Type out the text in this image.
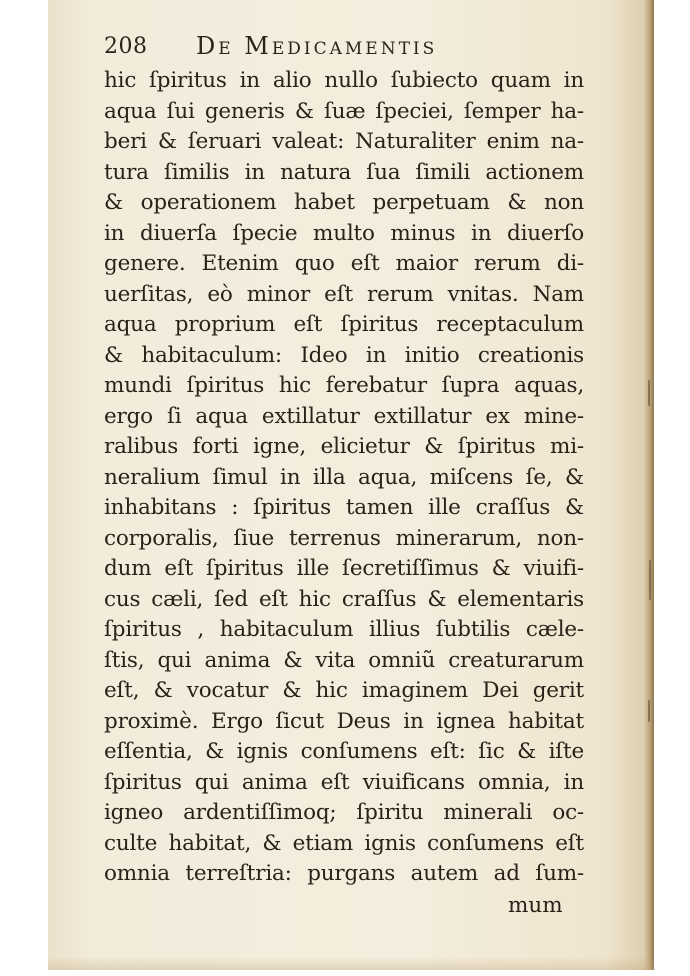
208 De Medicamentis
hic ſpiritus in alio nullo ſubiecto quam in
aqua ſui generis & ſuæ ſpeciei, ſemper ha-
beri & ſeruari valeat: Naturaliter enim na-
tura ſimilis in natura ſua ſimili actionem
& operationem habet perpetuam & non
in diuerſa ſpecie multo minus in diuerſo
genere. Etenim quo eſt maior rerum di-
uerſitas, eò minor eſt rerum vnitas. Nam
aqua proprium eſt ſpiritus receptaculum
& habitaculum: Ideo in initio creationis
mundi ſpiritus hic ferebatur ſupra aquas,
ergo ſi aqua extillatur extillatur ex mine-
ralibus forti igne, elicietur & ſpiritus mi-
neralium ſimul in illa aqua, miſcens ſe, &
inhabitans : ſpiritus tamen ille craſſus &
corporalis, ſiue terrenus minerarum, non-
dum eſt ſpiritus ille ſecretiſſimus & viuifi-
cus cæli, ſed eſt hic craſſus & elementaris
ſpiritus , habitaculum illius ſubtilis cæle-
ſtis, qui anima & vita omniũ creaturarum
eſt, & vocatur & hic imaginem Dei gerit
proximè. Ergo ſicut Deus in ignea habitat
eſſentia, & ignis conſumens eſt: ſic & iſte
ſpiritus qui anima eſt viuificans omnia, in
igneo ardentiſſimoq; ſpiritu minerali oc-
culte habitat, & etiam ignis conſumens eſt
omnia terreſtria: purgans autem ad ſum-
mum
